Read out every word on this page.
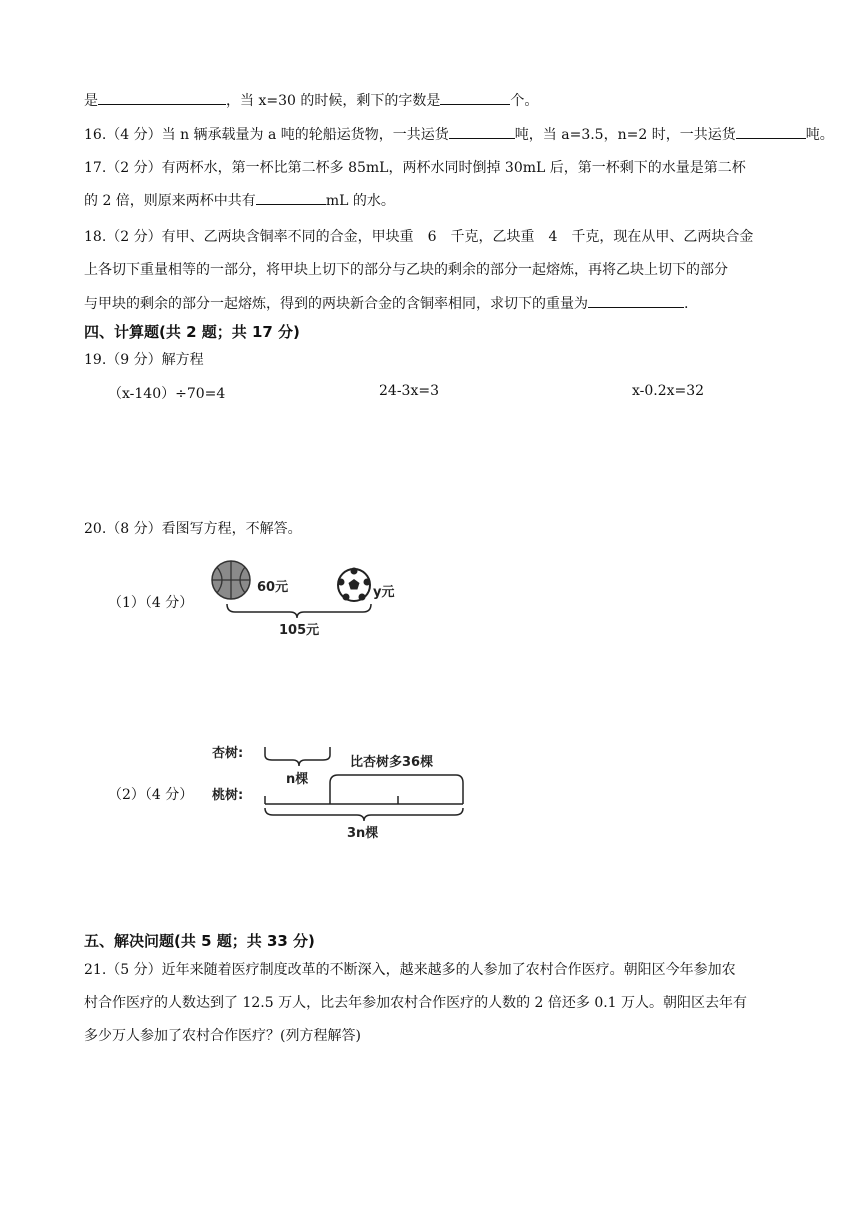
是	，当 x=30 的时候，剩下的字数是	个。
16.（4 分）当 n 辆承载量为 a 吨的轮船运货物，一共运货	吨，当 a=3.5，n=2 时，一共运货	吨。
17.（2 分）有两杯水，第一杯比第二杯多 85mL，两杯水同时倒掉 30mL 后，第一杯剩下的水量是第二杯
的 2 倍，则原来两杯中共有	mL 的水。
18.（2 分）有甲、乙两块含铜率不同的合金，甲块重　6　千克，乙块重　4　千克，现在从甲、乙两块合金
上各切下重量相等的一部分，将甲块上切下的部分与乙块的剩余的部分一起熔炼，再将乙块上切下的部分
与甲块的剩余的部分一起熔炼，得到的两块新合金的含铜率相同，求切下的重量为	.
四、计算题(共 2 题；共 17 分)
19.（9 分）解方程
（x-140）÷70=4	24-3x=3	x-0.2x=32
20.（8 分）看图写方程，不解答。
（1）（4 分）
60元	y元
105元
（2）（4 分）
杏树:
桃树:
n棵
比杏树多36棵
3n棵
五、解决问题(共 5 题；共 33 分)
21.（5 分）近年来随着医疗制度改革的不断深入，越来越多的人参加了农村合作医疗。朝阳区今年参加农
村合作医疗的人数达到了 12.5 万人，比去年参加农村合作医疗的人数的 2 倍还多 0.1 万人。朝阳区去年有
多少万人参加了农村合作医疗？(列方程解答)
